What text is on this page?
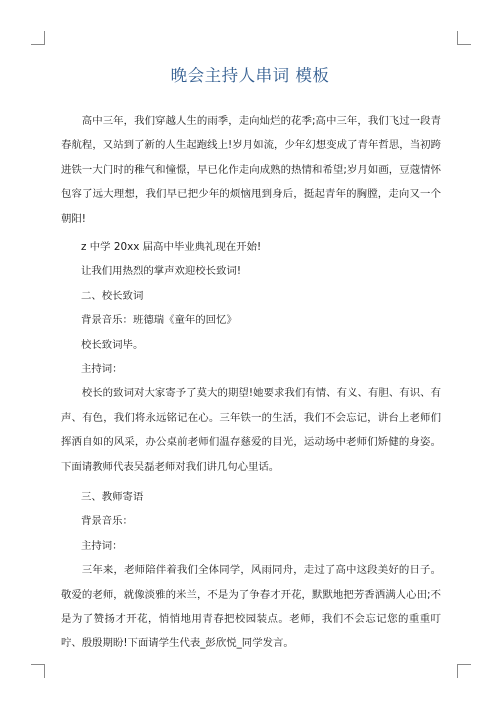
晚会主持人串词 模板

高中三年，我们穿越人生的雨季，走向灿烂的花季;高中三年，我们飞过一段青春航程，又站到了新的人生起跑线上!岁月如流，少年幻想变成了青年哲思，当初跨进铁一大门时的稚气和憧憬，早已化作走向成熟的热情和希望;岁月如画，豆蔻情怀包容了远大理想，我们早已把少年的烦恼甩到身后，挺起青年的胸膛，走向又一个朝阳!

z 中学 20xx 届高中毕业典礼现在开始!

让我们用热烈的掌声欢迎校长致词!

二、校长致词

背景音乐：班德瑞《童年的回忆》

校长致词毕。

主持词：

校长的致词对大家寄予了莫大的期望!她要求我们有情、有义、有胆、有识、有声、有色，我们将永远铭记在心。三年铁一的生活，我们不会忘记，讲台上老师们挥洒自如的风采，办公桌前老师们温存慈爱的目光，运动场中老师们矫健的身姿。下面请教师代表吴磊老师对我们讲几句心里话。

三、教师寄语

背景音乐：

主持词：

三年来，老师陪伴着我们全体同学，风雨同舟，走过了高中这段美好的日子。敬爱的老师，就像淡雅的米兰，不是为了争春才开花，默默地把芳香洒满人心田;不是为了赞扬才开花，悄悄地用青春把校园装点。老师，我们不会忘记您的重重叮咛、殷殷期盼!下面请学生代表_彭欣悦_同学发言。
